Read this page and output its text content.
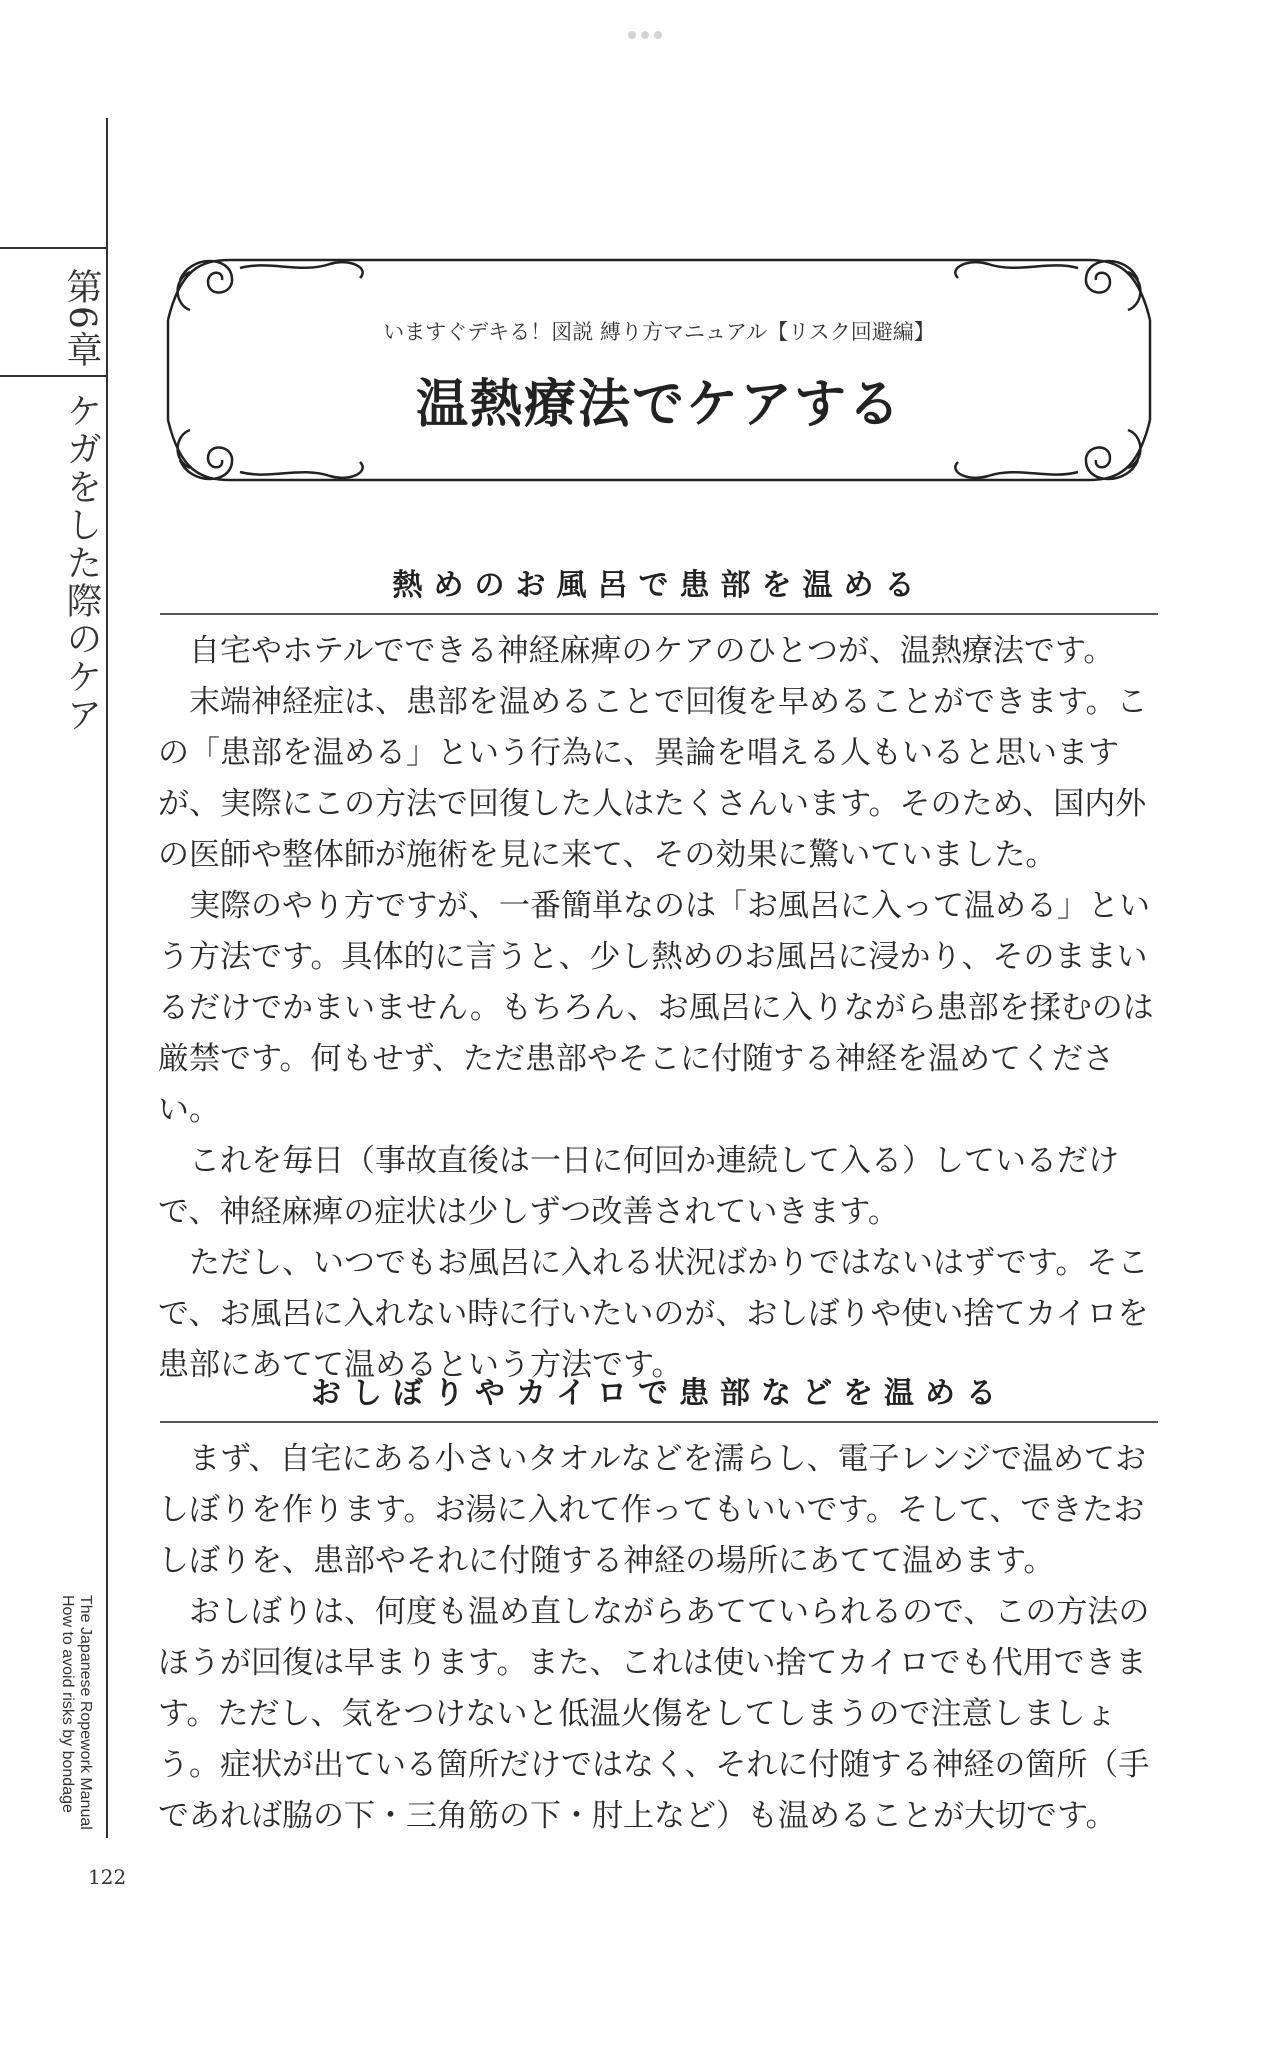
第6章
ケガをした際のケア
The Japanese Ropework Manual
How to avoid risks by bondage
122
いますぐデキる！図説 縛り方マニュアル【リスク回避編】
温熱療法でケアする
熱めのお風呂で患部を温める

自宅やホテルでできる神経麻痺のケアのひとつが、温熱療法です。

末端神経症は、患部を温めることで回復を早めることができます。この「患部を温める」という行為に、異論を唱える人もいると思いますが、実際にこの方法で回復した人はたくさんいます。そのため、国内外の医師や整体師が施術を見に来て、その効果に驚いていました。

実際のやり方ですが、一番簡単なのは「お風呂に入って温める」という方法です。具体的に言うと、少し熱めのお風呂に浸かり、そのままいるだけでかまいません。もちろん、お風呂に入りながら患部を揉むのは厳禁です。何もせず、ただ患部やそこに付随する神経を温めてください。

これを毎日（事故直後は一日に何回か連続して入る）しているだけで、神経麻痺の症状は少しずつ改善されていきます。

ただし、いつでもお風呂に入れる状況ばかりではないはずです。そこで、お風呂に入れない時に行いたいのが、おしぼりや使い捨てカイロを患部にあてて温めるという方法です。

おしぼりやカイロで患部などを温める

まず、自宅にある小さいタオルなどを濡らし、電子レンジで温めておしぼりを作ります。お湯に入れて作ってもいいです。そして、できたおしぼりを、患部やそれに付随する神経の場所にあてて温めます。

おしぼりは、何度も温め直しながらあてていられるので、この方法のほうが回復は早まります。また、これは使い捨てカイロでも代用できます。ただし、気をつけないと低温火傷をしてしまうので注意しましょう。症状が出ている箇所だけではなく、それに付随する神経の箇所（手であれば脇の下・三角筋の下・肘上など）も温めることが大切です。
